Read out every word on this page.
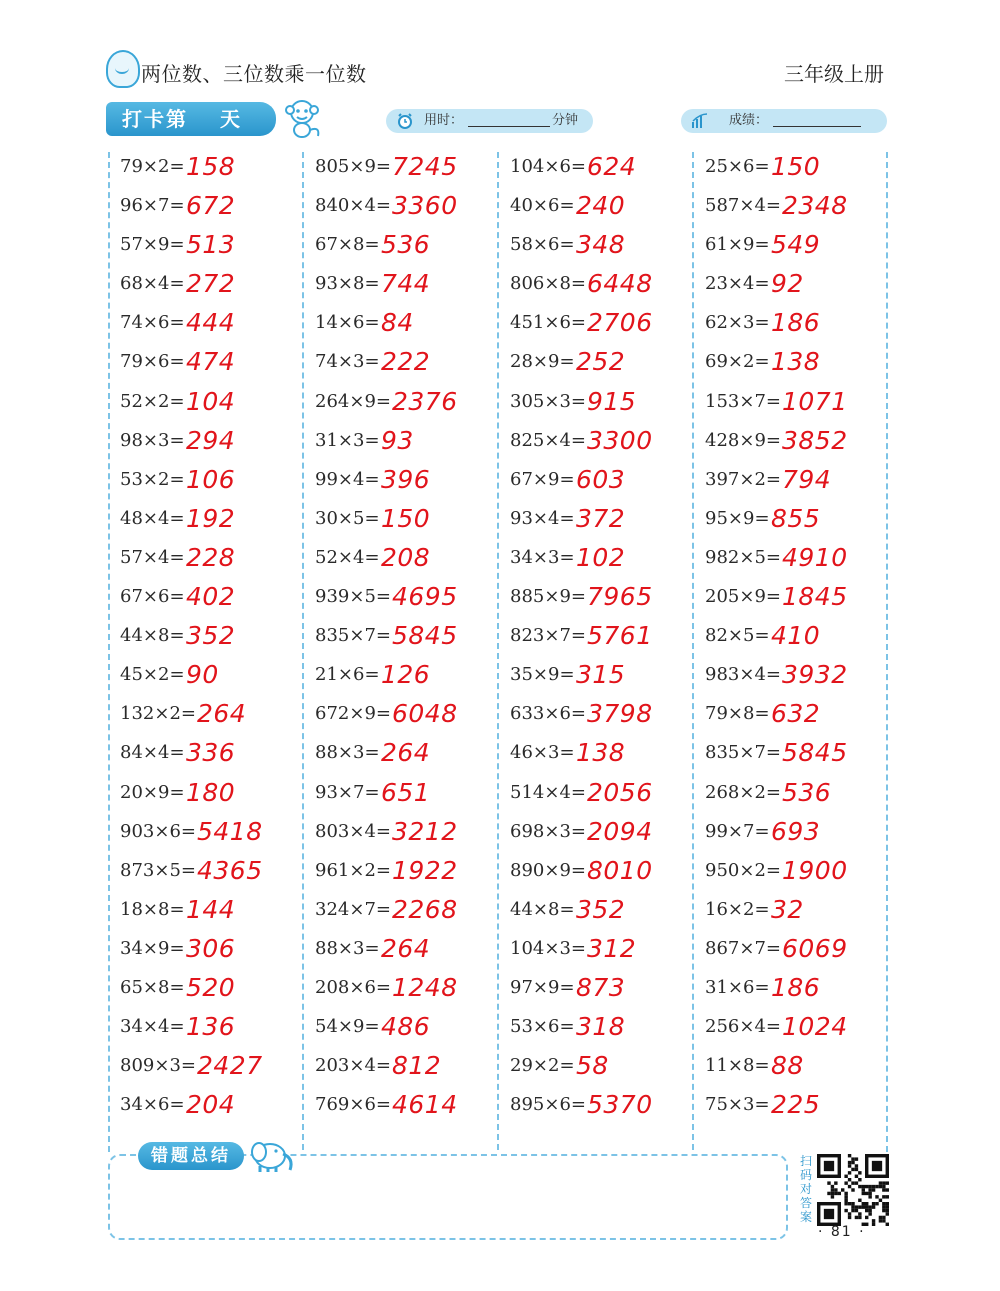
两位数、三位数乘一位数	三年级上册
打卡第 天	用时：	分钟	成绩：
79×2= 158
96×7= 672
57×9= 513
68×4= 272
74×6= 444
79×6= 474
52×2= 104
98×3= 294
53×2= 106
48×4= 192
57×4= 228
67×6= 402
44×8= 352
45×2= 90
132×2= 264
84×4= 336
20×9= 180
903×6= 5418
873×5= 4365
18×8= 144
34×9= 306
65×8= 520
34×4= 136
809×3= 2427
34×6= 204
805×9= 7245
840×4= 3360
67×8= 536
93×8= 744
14×6= 84
74×3= 222
264×9= 2376
31×3= 93
99×4= 396
30×5= 150
52×4= 208
939×5= 4695
835×7= 5845
21×6= 126
672×9= 6048
88×3= 264
93×7= 651
803×4= 3212
961×2= 1922
324×7= 2268
88×3= 264
208×6= 1248
54×9= 486
203×4= 812
769×6= 4614
104×6= 624
40×6= 240
58×6= 348
806×8= 6448
451×6= 2706
28×9= 252
305×3= 915
825×4= 3300
67×9= 603
93×4= 372
34×3= 102
885×9= 7965
823×7= 5761
35×9= 315
633×6= 3798
46×3= 138
514×4= 2056
698×3= 2094
890×9= 8010
44×8= 352
104×3= 312
97×9= 873
53×6= 318
29×2= 58
895×6= 5370
25×6= 150
587×4= 2348
61×9= 549
23×4= 92
62×3= 186
69×2= 138
153×7= 1071
428×9= 3852
397×2= 794
95×9= 855
982×5= 4910
205×9= 1845
82×5= 410
983×4= 3932
79×8= 632
835×7= 5845
268×2= 536
99×7= 693
950×2= 1900
16×2= 32
867×7= 6069
31×6= 186
256×4= 1024
11×8= 88
75×3= 225
错题总结	扫码对答案
· 81 ·
